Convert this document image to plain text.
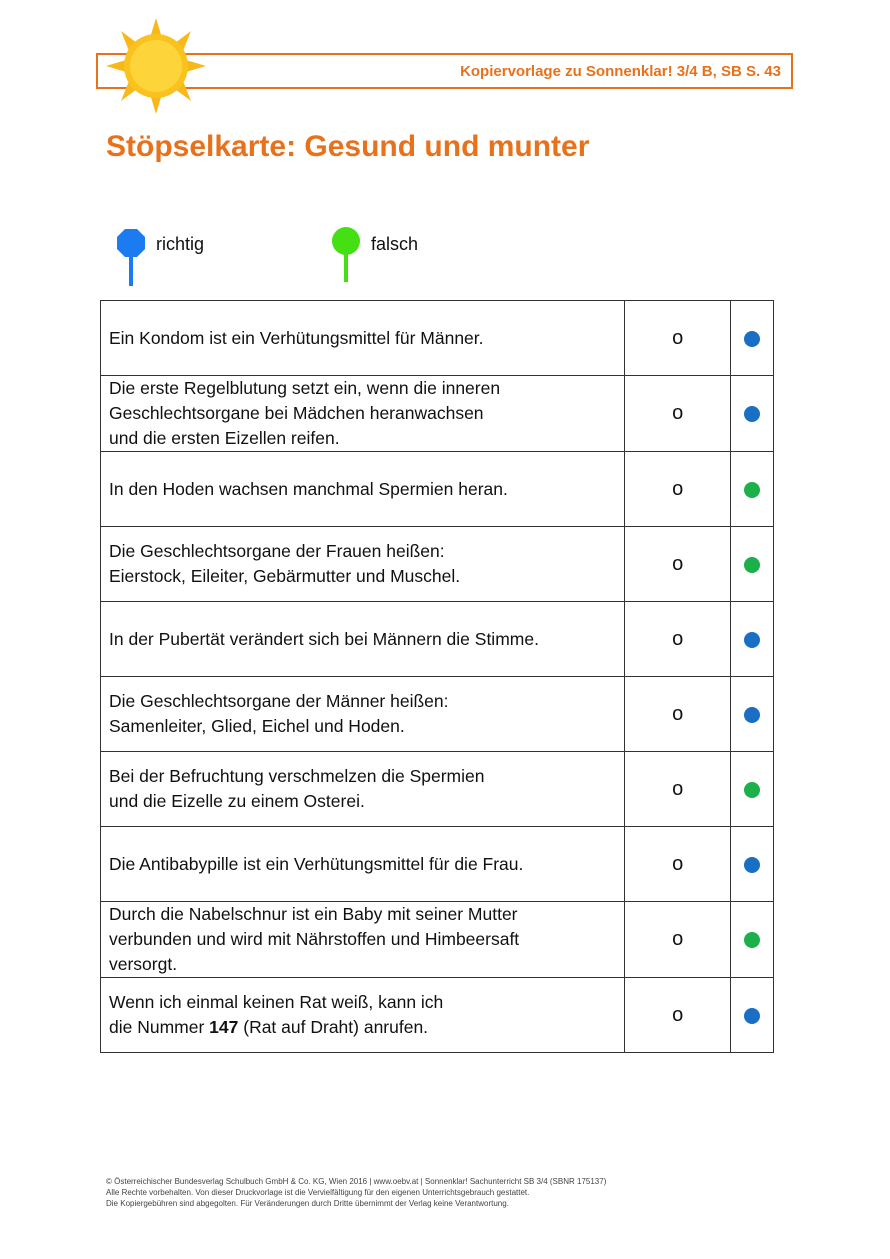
Kopiervorlage zu Sonnenklar! 3/4 B, SB S. 43
Stöpselkarte: Gesund und munter
richtig	falsch
Ein Kondom ist ein Verhütungsmittel für Männer.	o	

Die erste Regelblutung setzt ein, wenn die inneren
Geschlechtsorgane bei Mädchen heranwachsen
und die ersten Eizellen reifen.	o	

In den Hoden wachsen manchmal Spermien heran.	o	

Die Geschlechtsorgane der Frauen heißen:
Eierstock, Eileiter, Gebärmutter und Muschel.	o	

In der Pubertät verändert sich bei Männern die Stimme.	o	

Die Geschlechtsorgane der Männer heißen:
Samenleiter, Glied, Eichel und Hoden.	o	

Bei der Befruchtung verschmelzen die Spermien
und die Eizelle zu einem Osterei.	o	

Die Antibabypille ist ein Verhütungsmittel für die Frau.	o	

Durch die Nabelschnur ist ein Baby mit seiner Mutter
verbunden und wird mit Nährstoffen und Himbeersaft
versorgt.	o	

Wenn ich einmal keinen Rat weiß, kann ich
die Nummer 147 (Rat auf Draht) anrufen.	o	
© Österreichischer Bundesverlag Schulbuch GmbH & Co. KG, Wien 2016 | www.oebv.at | Sonnenklar! Sachunterricht SB 3/4 (SBNR 175137)
Alle Rechte vorbehalten. Von dieser Druckvorlage ist die Vervielfältigung für den eigenen Unterrichtsgebrauch gestattet.
Die Kopiergebühren sind abgegolten. Für Veränderungen durch Dritte übernimmt der Verlag keine Verantwortung.
